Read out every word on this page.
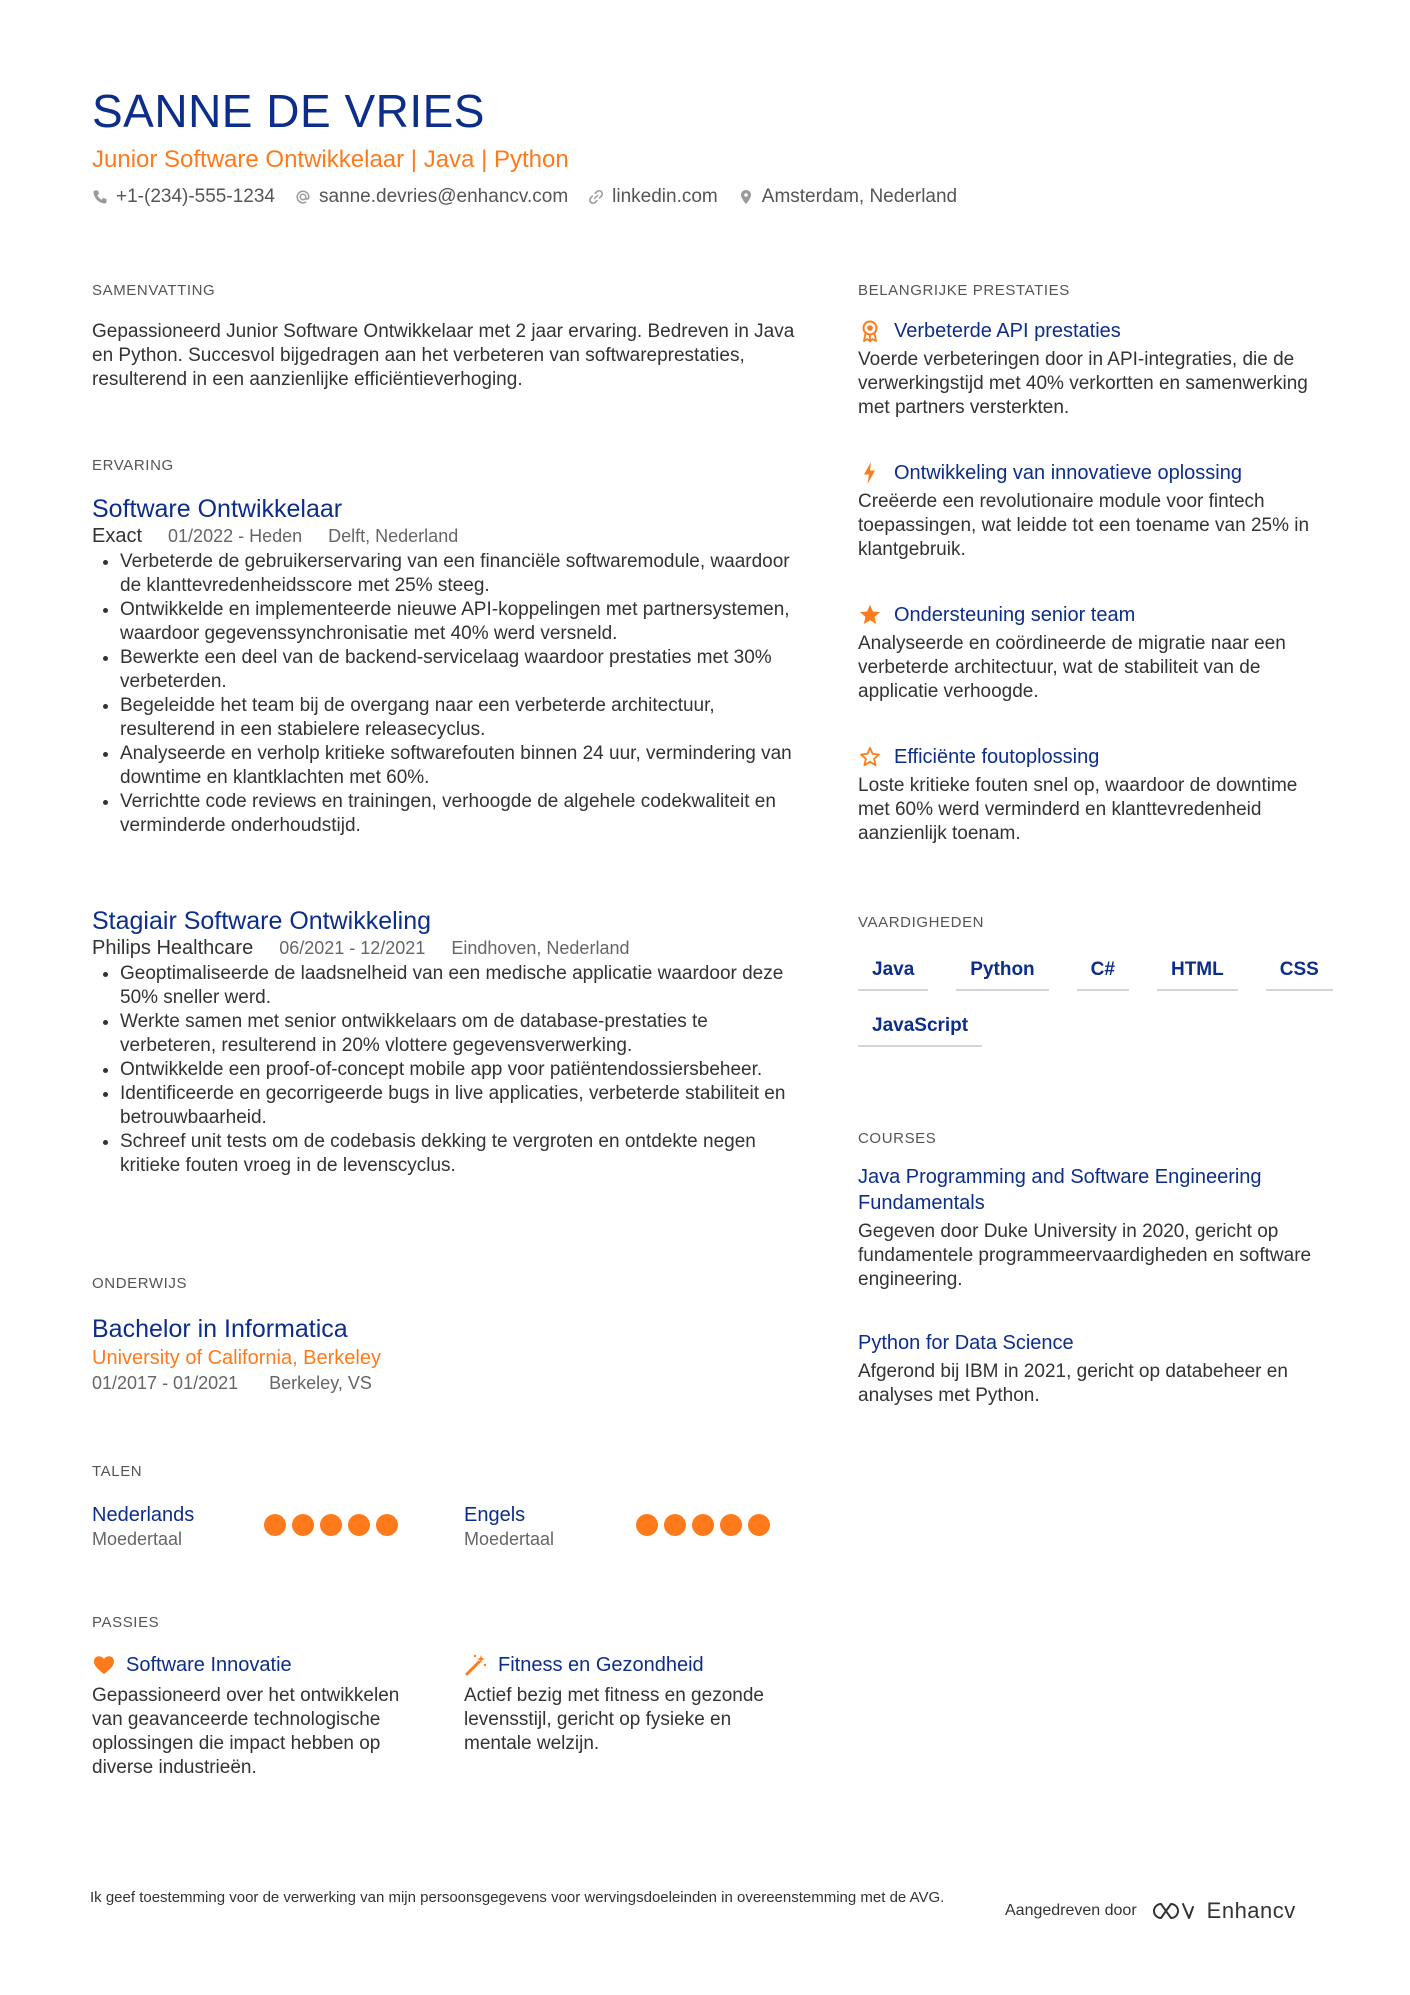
SANNE DE VRIES
Junior Software Ontwikkelaar | Java | Python
+1-(234)-555-1234 sanne.devries@enhancv.com linkedin.com Amsterdam, Nederland
SAMENVATTING
Gepassioneerd Junior Software Ontwikkelaar met 2 jaar ervaring. Bedreven in Java en Python. Succesvol bijgedragen aan het verbeteren van softwareprestaties, resulterend in een aanzienlijke efficiëntieverhoging.
ERVARING
Software Ontwikkelaar
Exact 01/2022 - Heden Delft, Nederland
• Verbeterde de gebruikerservaring van een financiële softwaremodule, waardoor de klanttevredenheidsscore met 25% steeg.
• Ontwikkelde en implementeerde nieuwe API-koppelingen met partnersystemen, waardoor gegevenssynchronisatie met 40% werd versneld.
• Bewerkte een deel van de backend-servicelaag waardoor prestaties met 30% verbeterden.
• Begeleidde het team bij de overgang naar een verbeterde architectuur, resulterend in een stabielere releasecyclus.
• Analyseerde en verholp kritieke softwarefouten binnen 24 uur, vermindering van downtime en klantklachten met 60%.
• Verrichtte code reviews en trainingen, verhoogde de algehele codekwaliteit en verminderde onderhoudstijd.
Stagiair Software Ontwikkeling
Philips Healthcare 06/2021 - 12/2021 Eindhoven, Nederland
• Geoptimaliseerde de laadsnelheid van een medische applicatie waardoor deze 50% sneller werd.
• Werkte samen met senior ontwikkelaars om de database-prestaties te verbeteren, resulterend in 20% vlottere gegevensverwerking.
• Ontwikkelde een proof-of-concept mobile app voor patiëntendossiersbeheer.
• Identificeerde en gecorrigeerde bugs in live applicaties, verbeterde stabiliteit en betrouwbaarheid.
• Schreef unit tests om de codebasis dekking te vergroten en ontdekte negen kritieke fouten vroeg in de levenscyclus.
ONDERWIJS
Bachelor in Informatica
University of California, Berkeley
01/2017 - 01/2021 Berkeley, VS
TALEN
Nederlands
Moedertaal
Engels
Moedertaal
PASSIES
Software Innovatie
Gepassioneerd over het ontwikkelen van geavanceerde technologische oplossingen die impact hebben op diverse industrieën.
Fitness en Gezondheid
Actief bezig met fitness en gezonde levensstijl, gericht op fysieke en mentale welzijn.
BELANGRIJKE PRESTATIES
Verbeterde API prestaties
Voerde verbeteringen door in API-integraties, die de verwerkingstijd met 40% verkortten en samenwerking met partners versterkten.
Ontwikkeling van innovatieve oplossing
Creëerde een revolutionaire module voor fintech toepassingen, wat leidde tot een toename van 25% in klantgebruik.
Ondersteuning senior team
Analyseerde en coördineerde de migratie naar een verbeterde architectuur, wat de stabiliteit van de applicatie verhoogde.
Efficiënte foutoplossing
Loste kritieke fouten snel op, waardoor de downtime met 60% werd verminderd en klanttevredenheid aanzienlijk toenam.
VAARDIGHEDEN
Java	Python	C#	HTML	CSS
JavaScript
COURSES
Java Programming and Software Engineering Fundamentals
Gegeven door Duke University in 2020, gericht op fundamentele programmeervaardigheden en software engineering.
Python for Data Science
Afgerond bij IBM in 2021, gericht op databeheer en analyses met Python.
Ik geef toestemming voor de verwerking van mijn persoonsgegevens voor wervingsdoeleinden in overeenstemming met de AVG.
Aangedreven door	Enhancv
